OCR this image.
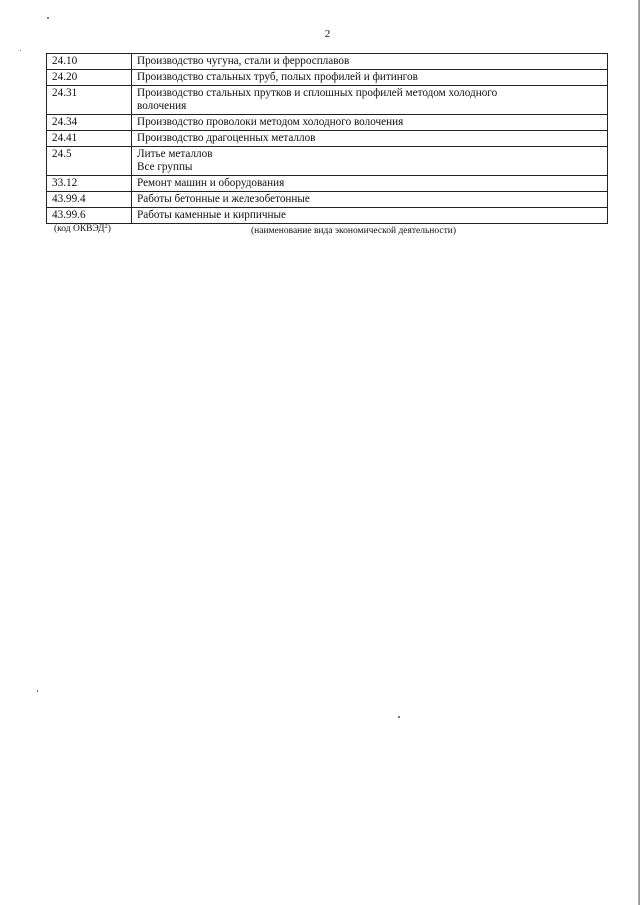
2
24.10	Производство чугуна, стали и ферросплавов

24.20	Производство стальных труб, полых профилей и фитингов

24.31	Производство стальных прутков и сплошных профилей методом холодного
волочения

24.34	Производство проволоки методом холодного волочения

24.41	Производство драгоценных металлов

24.5	Литье металлов
Все группы

33.12	Ремонт машин и оборудования

43.99.4	Работы бетонные и железобетонные

43.99.6	Работы каменные и кирпичные
(код ОКВЭД$^2$)	(наименование вида экономической деятельности)
